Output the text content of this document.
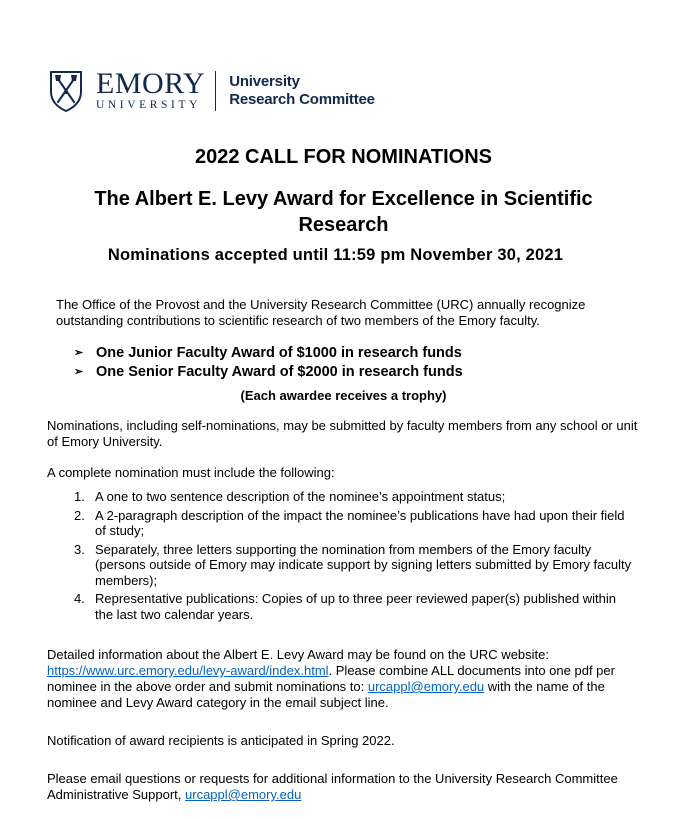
EMORY
UNIVERSITY
University
Research Committee
2022 CALL FOR NOMINATIONS
The Albert E. Levy Award for Excellence in Scientific Research
Nominations accepted until 11:59 pm November 30, 2021
The Office of the Provost and the University Research Committee (URC) annually recognize outstanding contributions to scientific research of two members of the Emory faculty.
➢ One Junior Faculty Award of $1000 in research funds
➢ One Senior Faculty Award of $2000 in research funds
(Each awardee receives a trophy)
Nominations, including self-nominations, may be submitted by faculty members from any school or unit of Emory University.
A complete nomination must include the following:
1. A one to two sentence description of the nominee’s appointment status;
2. A 2-paragraph description of the impact the nominee’s publications have had upon their field of study;
3. Separately, three letters supporting the nomination from members of the Emory faculty (persons outside of Emory may indicate support by signing letters submitted by Emory faculty members);
4. Representative publications: Copies of up to three peer reviewed paper(s) published within the last two calendar years.
Detailed information about the Albert E. Levy Award may be found on the URC website: https://www.urc.emory.edu/levy-award/index.html. Please combine ALL documents into one pdf per nominee in the above order and submit nominations to: urcappl@emory.edu with the name of the nominee and Levy Award category in the email subject line.
Notification of award recipients is anticipated in Spring 2022.
Please email questions or requests for additional information to the University Research Committee Administrative Support, urcappl@emory.edu
